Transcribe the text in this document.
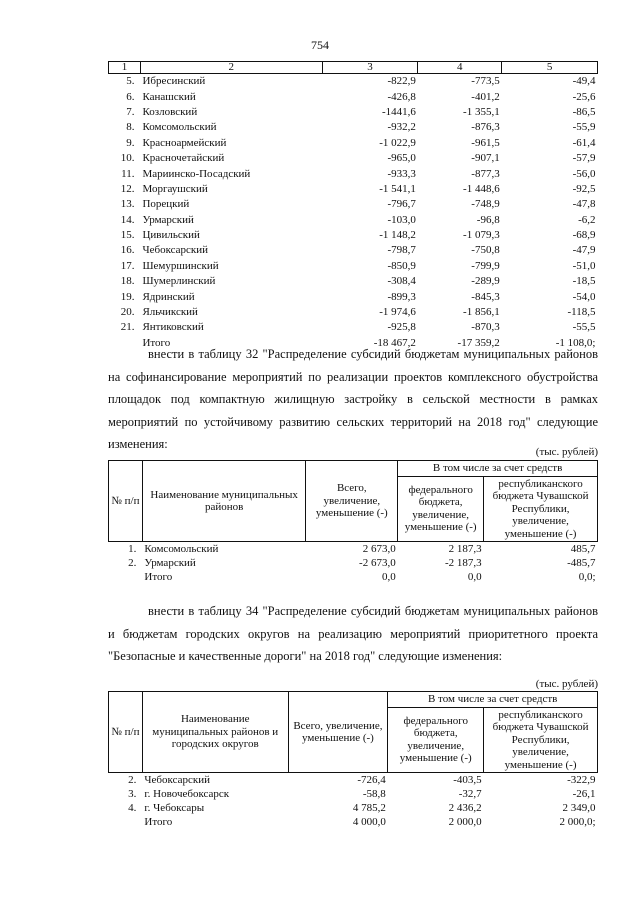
754
1	2	3	4	5
5.	Ибресинский	-822,9	-773,5	-49,4
6.	Канашский	-426,8	-401,2	-25,6
7.	Козловский	-1441,6	-1 355,1	-86,5
8.	Комсомольский	-932,2	-876,3	-55,9
9.	Красноармейский	-1 022,9	-961,5	-61,4
10.	Красночетайский	-965,0	-907,1	-57,9
11.	Мариинско-Посадский	-933,3	-877,3	-56,0
12.	Моргаушский	-1 541,1	-1 448,6	-92,5
13.	Порецкий	-796,7	-748,9	-47,8
14.	Урмарский	-103,0	-96,8	-6,2
15.	Цивильский	-1 148,2	-1 079,3	-68,9
16.	Чебоксарский	-798,7	-750,8	-47,9
17.	Шемуршинский	-850,9	-799,9	-51,0
18.	Шумерлинский	-308,4	-289,9	-18,5
19.	Ядринский	-899,3	-845,3	-54,0
20.	Яльчикский	-1 974,6	-1 856,1	-118,5
21.	Янтиковский	-925,8	-870,3	-55,5
	Итого	-18 467,2	-17 359,2	-1 108,0;

внести в таблицу 32 "Распределение субсидий бюджетам муниципальных районов на софинансирование мероприятий по реализации проектов комплексного обустройства площадок под компактную жилищную застройку в сельской местности в рамках мероприятий по устойчивому развитию сельских территорий на 2018 год" следующие изменения:

(тыс. рублей)
№ п/п	Наименование муниципальных районов	Всего, увеличение, уменьшение (-)	В том числе за счет средств	
			федерального бюджета, увеличение, уменьшение (-)	республиканского бюджета Чувашской Республики, увеличение, уменьшение (-)
1.	Комсомольский	2 673,0	2 187,3	485,7
2.	Урмарский	-2 673,0	-2 187,3	-485,7
	Итого	0,0	0,0	0,0;

внести в таблицу 34 "Распределение субсидий бюджетам муниципальных районов и бюджетам городских округов на реализацию мероприятий приоритетного проекта "Безопасные и качественные дороги" на 2018 год" следующие изменения:

(тыс. рублей)
№ п/п	Наименование муниципальных районов и городских округов	Всего, увеличение, уменьшение (-)	В том числе за счет средств	
			федерального бюджета, увеличение, уменьшение (-)	республиканского бюджета Чувашской Республики, увеличение, уменьшение (-)
2.	Чебоксарский	-726,4	-403,5	-322,9
3.	г. Новочебоксарск	-58,8	-32,7	-26,1
4.	г. Чебоксары	4 785,2	2 436,2	2 349,0
	Итого	4 000,0	2 000,0	2 000,0;
